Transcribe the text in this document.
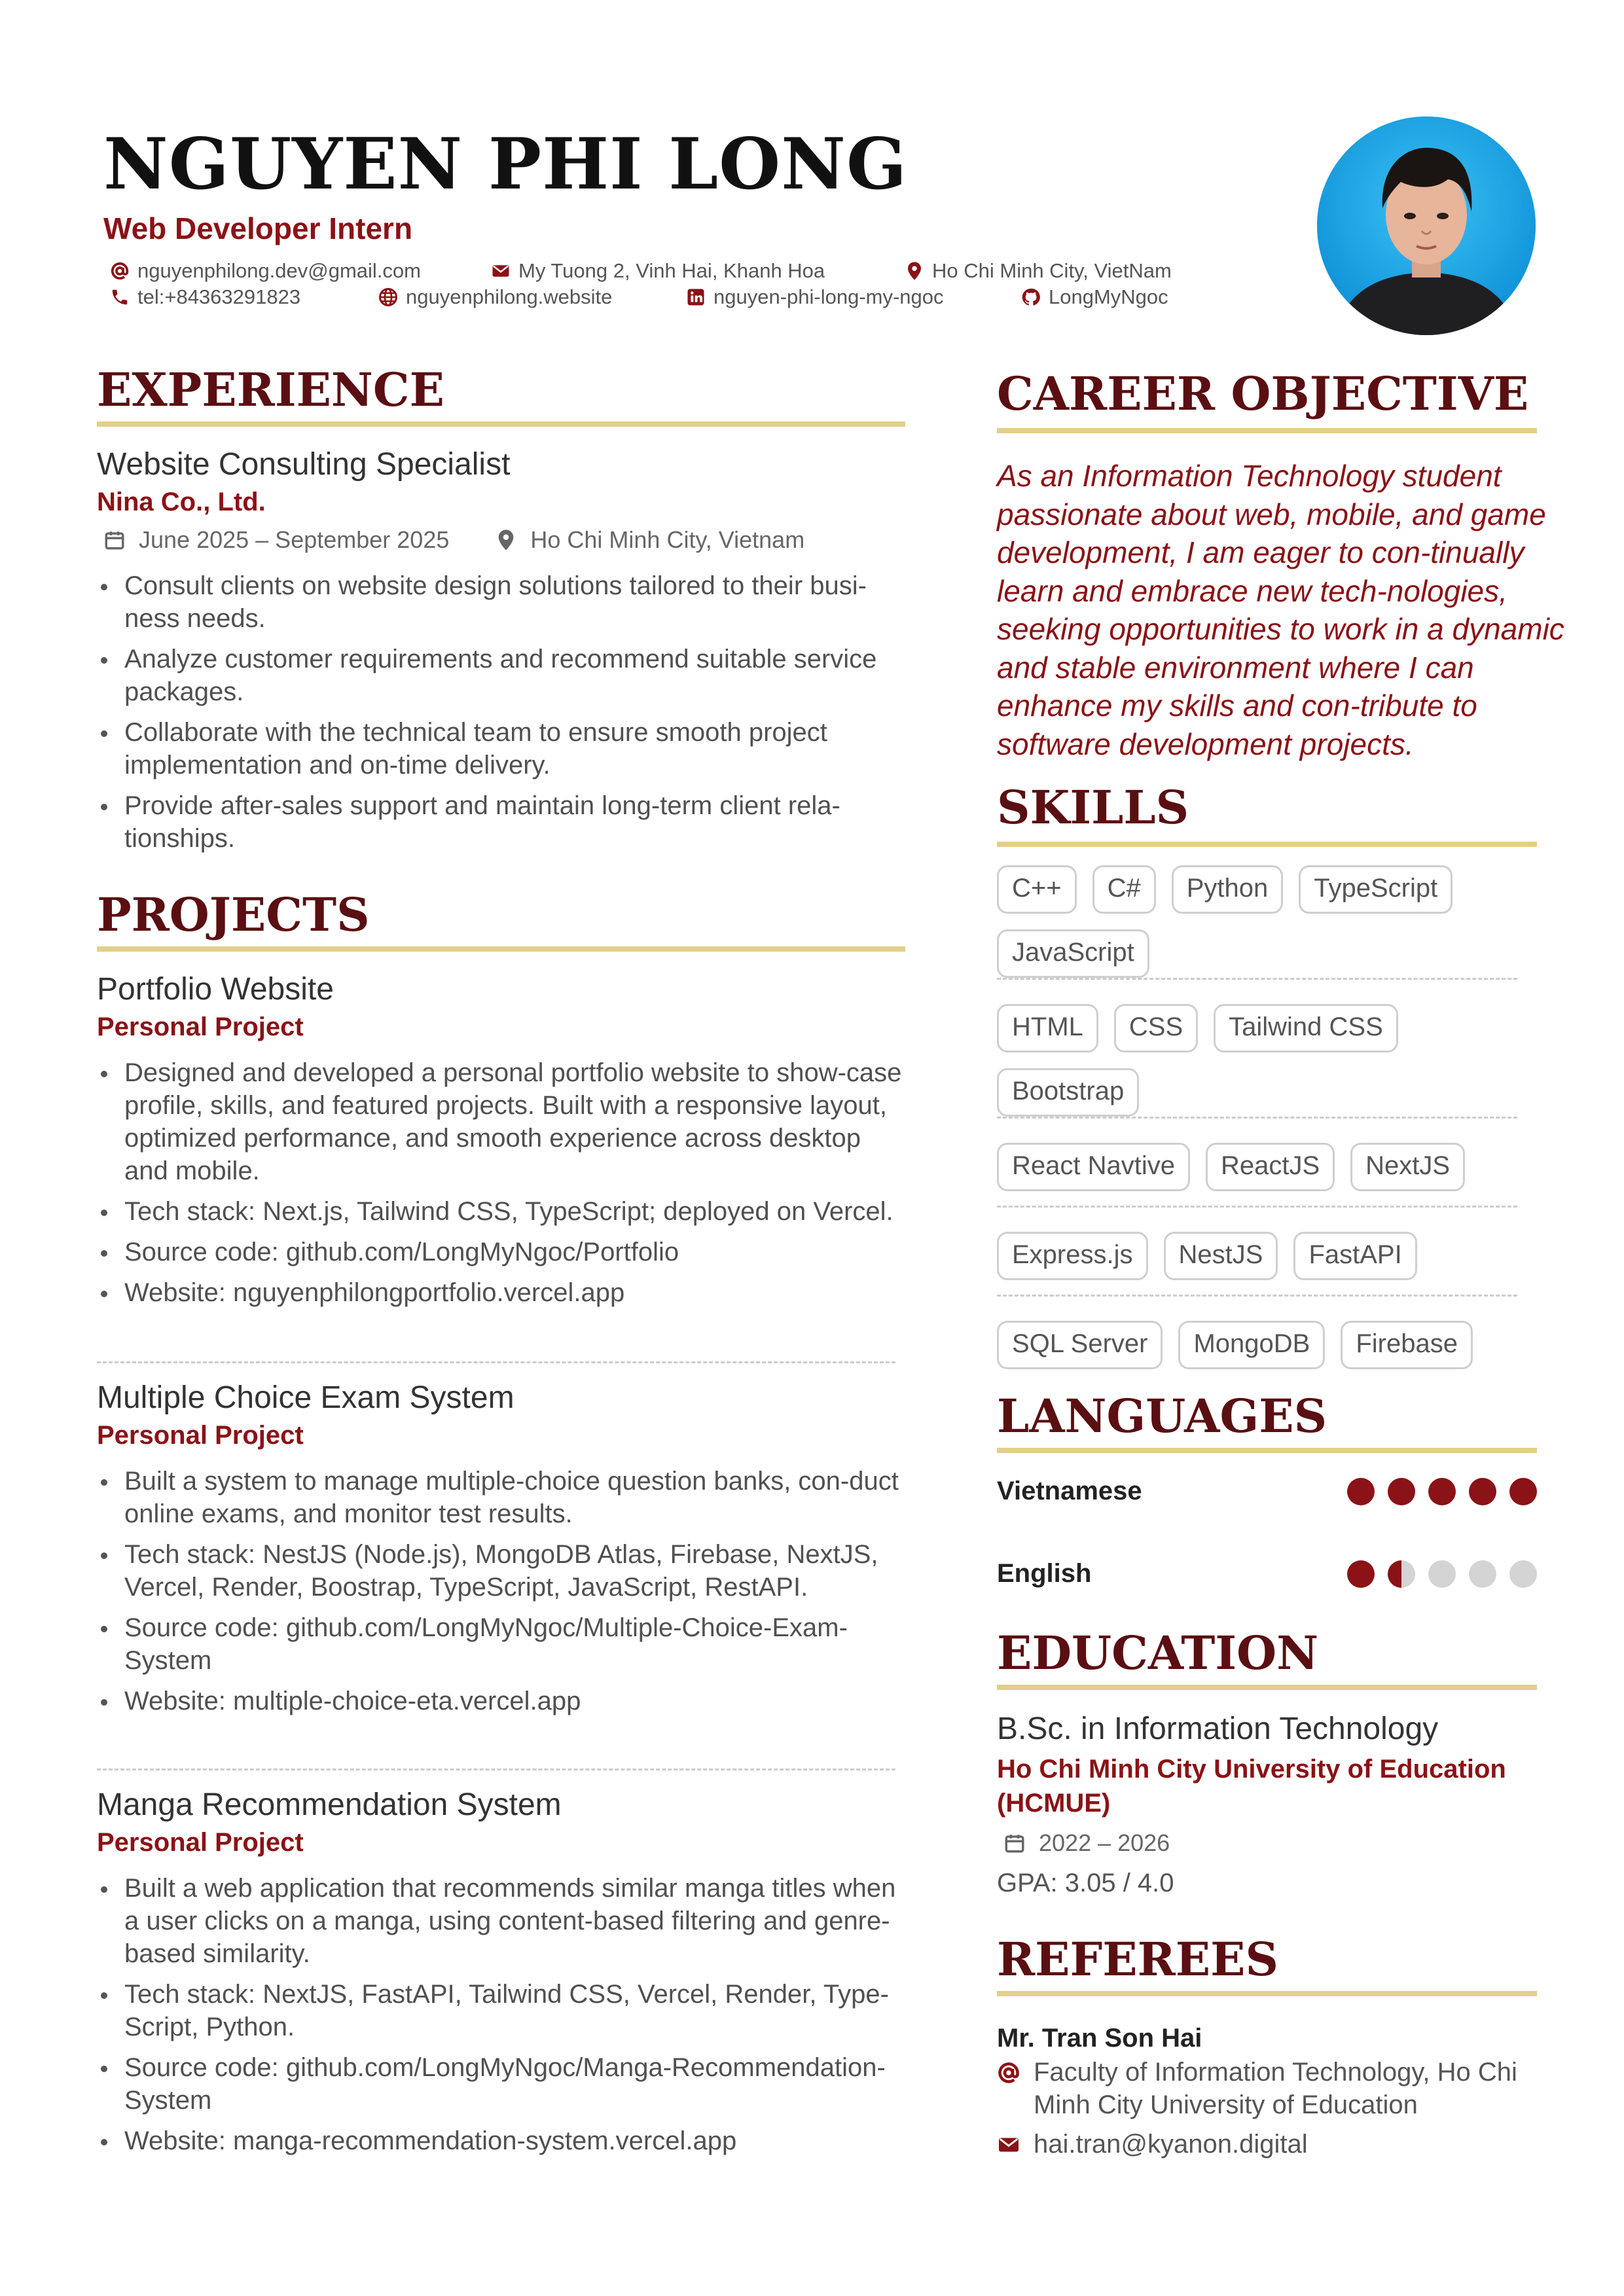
NGUYEN PHI LONG
Web Developer Intern
nguyenphilong.dev@gmail.com	My Tuong 2, Vinh Hai, Khanh Hoa	Ho Chi Minh City, VietNam
tel:+84363291823	nguyenphilong.website	nguyen-phi-long-my-ngoc	LongMyNgoc
EXPERIENCE
Website Consulting Specialist
Nina Co., Ltd.
June 2025 – September 2025	Ho Chi Minh City, Vietnam
Consult clients on website design solutions tailored to their busi-ness needs.
Analyze customer requirements and recommend suitable service packages.
Collaborate with the technical team to ensure smooth project implementation and on-time delivery.
Provide after-sales support and maintain long-term client rela-tionships.
PROJECTS
Portfolio Website
Personal Project
Designed and developed a personal portfolio website to show-case profile, skills, and featured projects. Built with a responsive layout, optimized performance, and smooth experience across desktop and mobile.
Tech stack: Next.js, Tailwind CSS, TypeScript; deployed on Vercel.
Source code: github.com/LongMyNgoc/Portfolio
Website: nguyenphilongportfolio.vercel.app
Multiple Choice Exam System
Personal Project
Built a system to manage multiple-choice question banks, con-duct online exams, and monitor test results.
Tech stack: NestJS (Node.js), MongoDB Atlas, Firebase, NextJS, Vercel, Render, Boostrap, TypeScript, JavaScript, RestAPI.
Source code: github.com/LongMyNgoc/Multiple-Choice-Exam-System
Website: multiple-choice-eta.vercel.app
Manga Recommendation System
Personal Project
Built a web application that recommends similar manga titles when a user clicks on a manga, using content-based filtering and genre-based similarity.
Tech stack: NextJS, FastAPI, Tailwind CSS, Vercel, Render, Type-Script, Python.
Source code: github.com/LongMyNgoc/Manga-Recommendation-System
Website: manga-recommendation-system.vercel.app
CAREER OBJECTIVE
As an Information Technology student passionate about web, mobile, and game development, I am eager to con-tinually learn and embrace new tech-nologies, seeking opportunities to work in a dynamic and stable environment where I can enhance my skills and con-tribute to software development projects.
SKILLS
C++	C#	Python	TypeScript
JavaScript
HTML	CSS	Tailwind CSS
Bootstrap
React Navtive	ReactJS	NextJS
Express.js	NestJS	FastAPI
SQL Server	MongoDB	Firebase
LANGUAGES
Vietnamese
English
EDUCATION
B.Sc. in Information Technology
Ho Chi Minh City University of Education (HCMUE)
2022 – 2026
GPA: 3.05 / 4.0
REFEREES
Mr. Tran Son Hai
Faculty of Information Technology, Ho Chi Minh City University of Education
hai.tran@kyanon.digital
